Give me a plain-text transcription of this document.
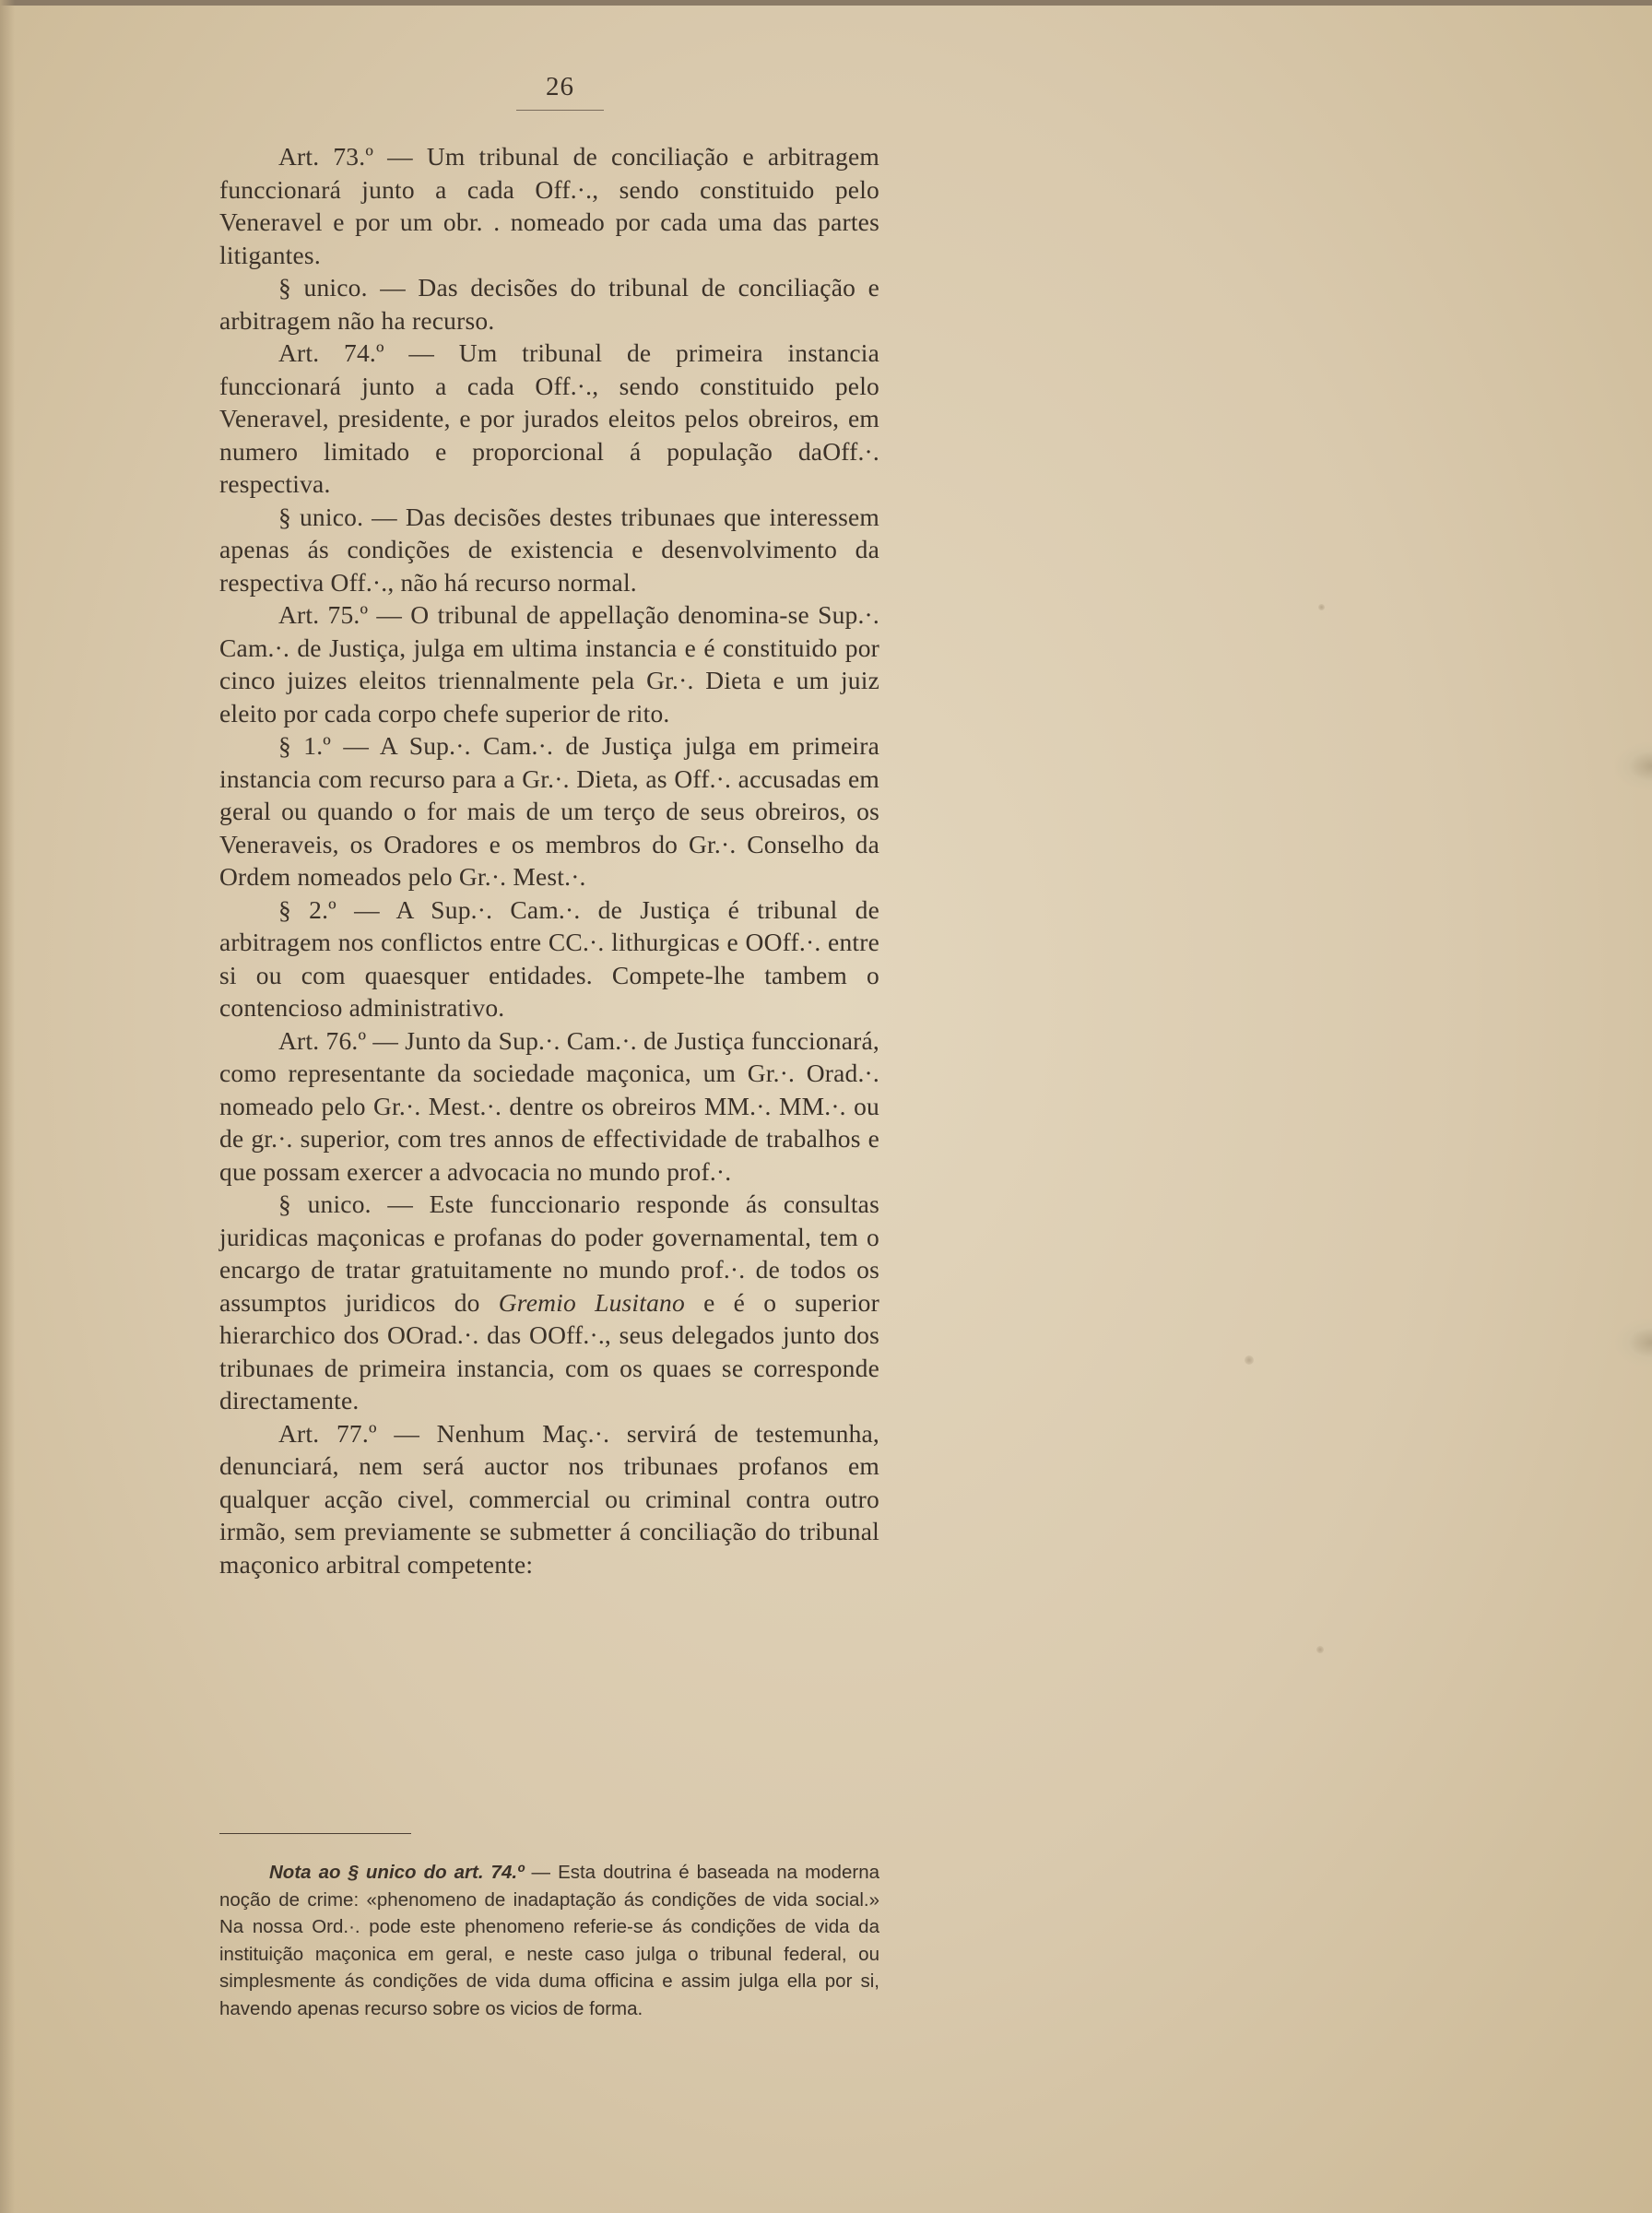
26

Art. 73.º — Um tribunal de conciliação e arbitragem funccionará junto a cada Off.·., sendo constituido pelo Veneravel e por um obr. . nomeado por cada uma das partes litigantes.

§ unico. — Das decisões do tribunal de conciliação e arbitragem não ha recurso.

Art. 74.º — Um tribunal de primeira instancia funccionará junto a cada Off.·., sendo constituido pelo Veneravel, presidente, e por jurados eleitos pelos obreiros, em numero limitado e proporcional á população daOff.·. respectiva.

§ unico. — Das decisões destes tribunaes que interessem apenas ás condições de existencia e desenvolvimento da respectiva Off.·., não há recurso normal.

Art. 75.º — O tribunal de appellação denomina-se Sup.·. Cam.·. de Justiça, julga em ultima instancia e é constituido por cinco juizes eleitos triennalmente pela Gr.·. Dieta e um juiz eleito por cada corpo chefe superior de rito.

§ 1.º — A Sup.·. Cam.·. de Justiça julga em primeira instancia com recurso para a Gr.·. Dieta, as Off.·. accusadas em geral ou quando o for mais de um terço de seus obreiros, os Veneraveis, os Oradores e os membros do Gr.·. Conselho da Ordem nomeados pelo Gr.·. Mest.·.

§ 2.º — A Sup.·. Cam.·. de Justiça é tribunal de arbitragem nos conflictos entre CC.·. lithurgicas e OOff.·. entre si ou com quaesquer entidades. Compete-lhe tambem o contencioso administrativo.

Art. 76.º — Junto da Sup.·. Cam.·. de Justiça funccionará, como representante da sociedade maçonica, um Gr.·. Orad.·. nomeado pelo Gr.·. Mest.·. dentre os obreiros MM.·. MM.·. ou de gr.·. superior, com tres annos de effectividade de trabalhos e que possam exercer a advocacia no mundo prof.·.

§ unico. — Este funccionario responde ás consultas juridicas maçonicas e profanas do poder governamental, tem o encargo de tratar gratuitamente no mundo prof.·. de todos os assumptos juridicos do Gremio Lusitano e é o superior hierarchico dos OOrad.·. das OOff.·., seus delegados junto dos tribunaes de primeira instancia, com os quaes se corresponde directamente.

Art. 77.º — Nenhum Maç.·. servirá de testemunha, denunciará, nem será auctor nos tribunaes profanos em qualquer acção civel, commercial ou criminal contra outro irmão, sem previamente se submetter á conciliação do tribunal maçonico arbitral competente:

Nota ao § unico do art. 74.º — Esta doutrina é baseada na moderna noção de crime: «phenomeno de inadaptação ás condições de vida social.» Na nossa Ord.·. pode este phenomeno referie-se ás condições de vida da instituição maçonica em geral, e neste caso julga o tribunal federal, ou simplesmente ás condições de vida duma officina e assim julga ella por si, havendo apenas recurso sobre os vicios de forma.
